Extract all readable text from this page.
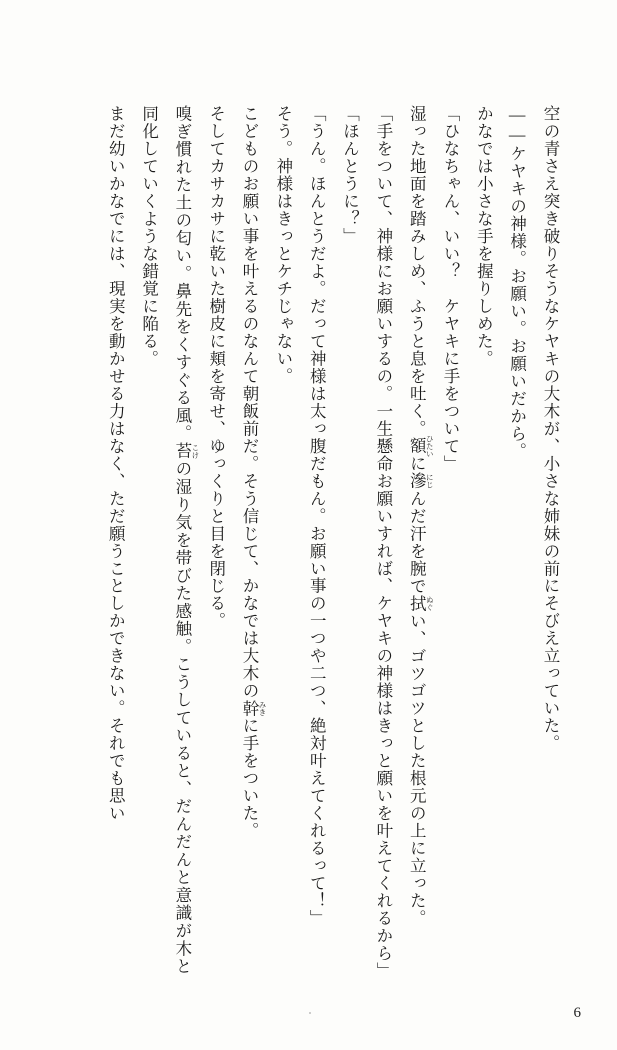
空の青さえ突き破りそうなケヤキの大木が、小さな姉妹の前にそびえ立っていた。

——ケヤキの神様。お願い。お願いだから。

かなでは小さな手を握りしめた。

「ひなちゃん、いい？　ケヤキに手をついて」

湿った地面を踏みしめ、ふうと息を吐く。額 ひたいに滲 にじんだ汗を腕で拭 ぬぐい、ゴツゴツとした根元の上に立った。

「手をついて、神様にお願いするの。一生懸命お願いすれば、ケヤキの神様はきっと願いを叶えてくれるから」

「ほんとうに？」

「うん。ほんとうだよ。だって神様は太っ腹だもん。お願い事の一つや二つ、絶対叶えてくれるって！」

そう。神様はきっとケチじゃない。

こどものお願い事を叶えるのなんて朝飯前だ。そう信じて、かなでは大木の幹 みきに手をついた。

そしてカサカサに乾いた樹皮に頬を寄せ、ゆっくりと目を閉じる。

嗅ぎ慣れた土の匂い。鼻先をくすぐる風。苔 こけの湿り気を帯びた感触。こうしていると、だんだんと意識が木と同化していくような錯覚に陥る。

まだ幼いかなでには、現実を動かせる力はなく、ただ願うことしかできない。それでも思い

6
